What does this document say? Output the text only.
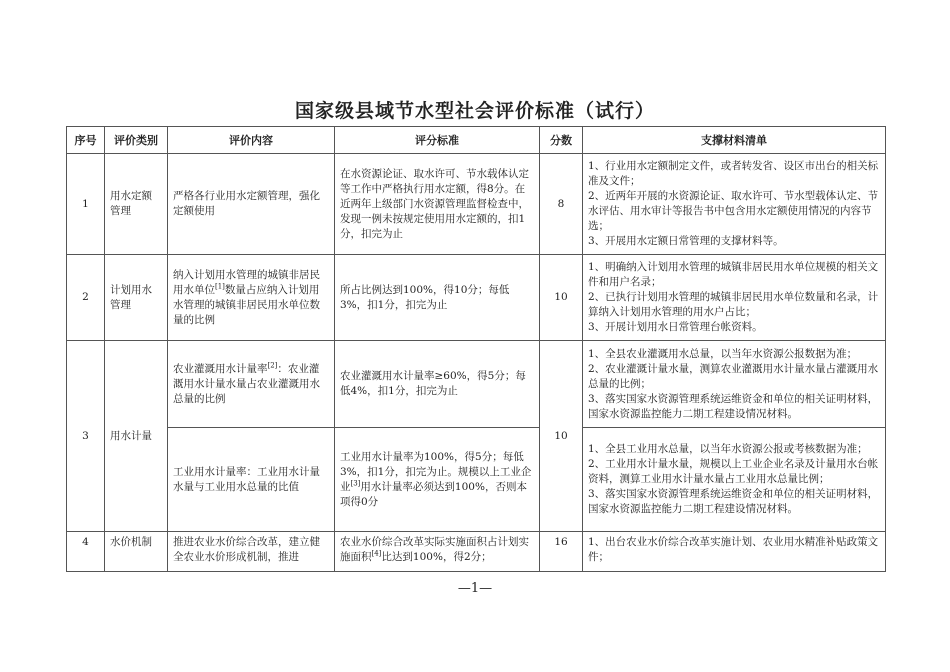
国家级县域节水型社会评价标准（试行）
序号	评价类别	评价内容	评分标准	分数	支撑材料清单
1	用水定额管理	严格各行业用水定额管理，强化定额使用	在水资源论证、取水许可、节水载体认定等工作中严格执行用水定额，得8分。在近两年上级部门水资源管理监督检查中，发现一例未按规定使用用水定额的，扣1分，扣完为止	8	1、行业用水定额制定文件，或者转发省、设区市出台的相关标准及文件；
2、近两年开展的水资源论证、取水许可、节水型载体认定、节水评估、用水审计等报告书中包含用水定额使用情况的内容节选；
3、开展用水定额日常管理的支撑材料等。
2	计划用水管理	纳入计划用水管理的城镇非居民用水单位[1]数量占应纳入计划用水管理的城镇非居民用水单位数量的比例	所占比例达到100%，得10分；每低3%，扣1分，扣完为止	10	1、明确纳入计划用水管理的城镇非居民用水单位规模的相关文件和用户名录；
2、已执行计划用水管理的城镇非居民用水单位数量和名录，计算纳入计划用水管理的用水户占比；
3、开展计划用水日常管理台帐资料。
3	用水计量	农业灌溉用水计量率[2]：农业灌溉用水计量水量占农业灌溉用水总量的比例	农业灌溉用水计量率≥60%，得5分；每低4%，扣1分，扣完为止	10	1、全县农业灌溉用水总量，以当年水资源公报数据为准；
2、农业灌溉计量水量，测算农业灌溉用水计量水量占灌溉用水总量的比例；
3、落实国家水资源管理系统运维资金和单位的相关证明材料，国家水资源监控能力二期工程建设情况材料。
		工业用水计量率：工业用水计量水量与工业用水总量的比值	工业用水计量率为100%，得5分；每低3%，扣1分，扣完为止。规模以上工业企业[3]用水计量率必须达到100%，否则本项得0分		1、全县工业用水总量，以当年水资源公报或考核数据为准；
2、工业用水计量水量，规模以上工业企业名录及计量用水台帐资料，测算工业用水计量水量占工业用水总量比例；
3、落实国家水资源管理系统运维资金和单位的相关证明材料，国家水资源监控能力二期工程建设情况材料。
4	水价机制	推进农业水价综合改革，建立健全农业水价形成机制，推进	农业水价综合改革实际实施面积占计划实施面积[4]比达到100%，得2分；	16	1、出台农业水价综合改革实施计划、农业用水精准补贴政策文件；
—1—
